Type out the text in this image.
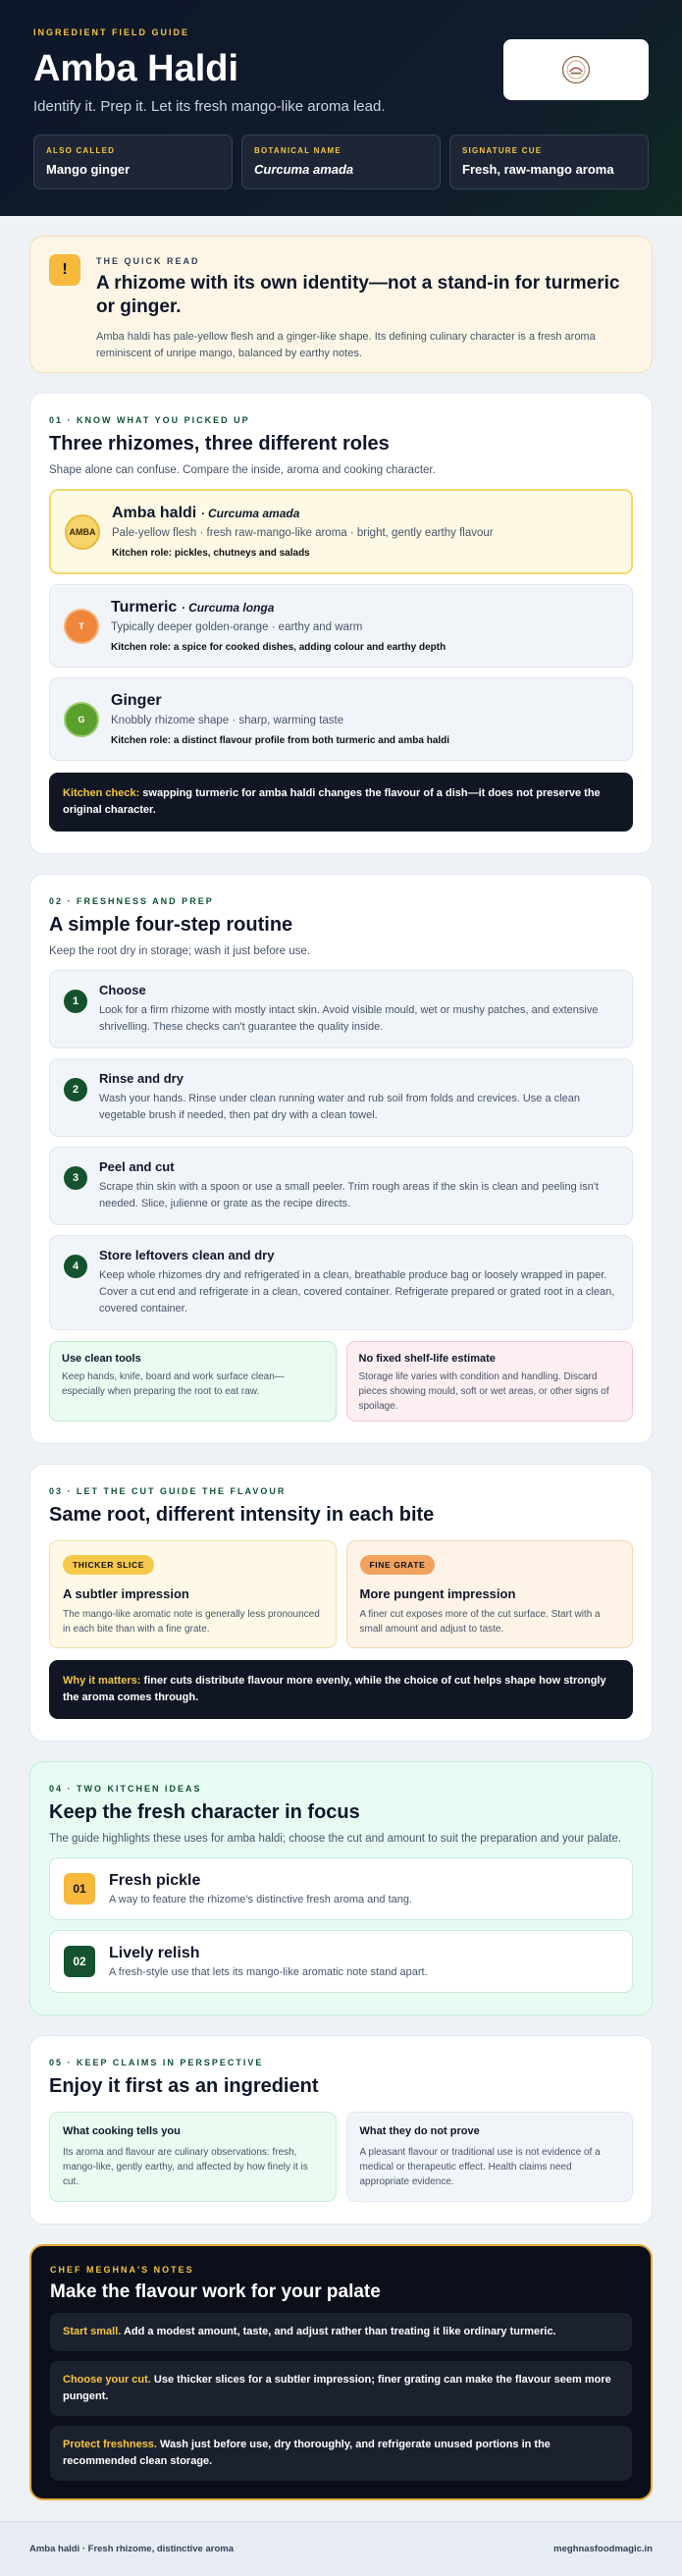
INGREDIENT FIELD GUIDE
Amba Haldi
Identify it. Prep it. Let its fresh mango-like aroma lead.
ALSO CALLED
Mango ginger
BOTANICAL NAME
Curcuma amada
SIGNATURE CUE
Fresh, raw-mango aroma
!	THE QUICK READ
A rhizome with its own identity—not a stand-in for turmeric or ginger.

Amba haldi has pale-yellow flesh and a ginger-like shape. Its defining culinary character is a fresh aroma reminiscent of unripe mango, balanced by earthy notes.

01 · KNOW WHAT YOU PICKED UP
Three rhizomes, three different roles
Shape alone can confuse. Compare the inside, aroma and cooking character.
AMBA
Amba haldi · Curcuma amada
Pale-yellow flesh · fresh raw-mango-like aroma · bright, gently earthy flavour
Kitchen role: pickles, chutneys and salads
T
Turmeric · Curcuma longa
Typically deeper golden-orange · earthy and warm
Kitchen role: a spice for cooked dishes, adding colour and earthy depth
G
Ginger
Knobbly rhizome shape · sharp, warming taste
Kitchen role: a distinct flavour profile from both turmeric and amba haldi
Kitchen check: swapping turmeric for amba haldi changes the flavour of a dish—it does not preserve the original character.
02 · FRESHNESS AND PREP
A simple four-step routine
Keep the root dry in storage; wash it just before use.
1
Choose
Look for a firm rhizome with mostly intact skin. Avoid visible mould, wet or mushy patches, and extensive shrivelling. These checks can't guarantee the quality inside.
2
Rinse and dry
Wash your hands. Rinse under clean running water and rub soil from folds and crevices. Use a clean vegetable brush if needed, then pat dry with a clean towel.
3
Peel and cut
Scrape thin skin with a spoon or use a small peeler. Trim rough areas if the skin is clean and peeling isn't needed. Slice, julienne or grate as the recipe directs.
4
Store leftovers clean and dry
Keep whole rhizomes dry and refrigerated in a clean, breathable produce bag or loosely wrapped in paper. Cover a cut end and refrigerate in a clean, covered container. Refrigerate prepared or grated root in a clean, covered container.
Use clean tools
Keep hands, knife, board and work surface clean—especially when preparing the root to eat raw.
No fixed shelf-life estimate
Storage life varies with condition and handling. Discard pieces showing mould, soft or wet areas, or other signs of spoilage.
03 · LET THE CUT GUIDE THE FLAVOUR
Same root, different intensity in each bite
THICKER SLICE
A subtler impression
The mango-like aromatic note is generally less pronounced in each bite than with a fine grate.
FINE GRATE
More pungent impression
A finer cut exposes more of the cut surface. Start with a small amount and adjust to taste.
Why it matters: finer cuts distribute flavour more evenly, while the choice of cut helps shape how strongly the aroma comes through.
04 · TWO KITCHEN IDEAS
Keep the fresh character in focus
The guide highlights these uses for amba haldi; choose the cut and amount to suit the preparation and your palate.
01	Fresh pickle
A way to feature the rhizome's distinctive fresh aroma and tang.
02	Lively relish
A fresh-style use that lets its mango-like aromatic note stand apart.
05 · KEEP CLAIMS IN PERSPECTIVE
Enjoy it first as an ingredient
What cooking tells you
Its aroma and flavour are culinary observations: fresh, mango-like, gently earthy, and affected by how finely it is cut.
What they do not prove
A pleasant flavour or traditional use is not evidence of a medical or therapeutic effect. Health claims need appropriate evidence.
CHEF MEGHNA'S NOTES
Make the flavour work for your palate
Start small. Add a modest amount, taste, and adjust rather than treating it like ordinary turmeric.
Choose your cut. Use thicker slices for a subtler impression; finer grating can make the flavour seem more pungent.
Protect freshness. Wash just before use, dry thoroughly, and refrigerate unused portions in the recommended clean storage.
Amba haldi · Fresh rhizome, distinctive aroma	meghnasfoodmagic.in
